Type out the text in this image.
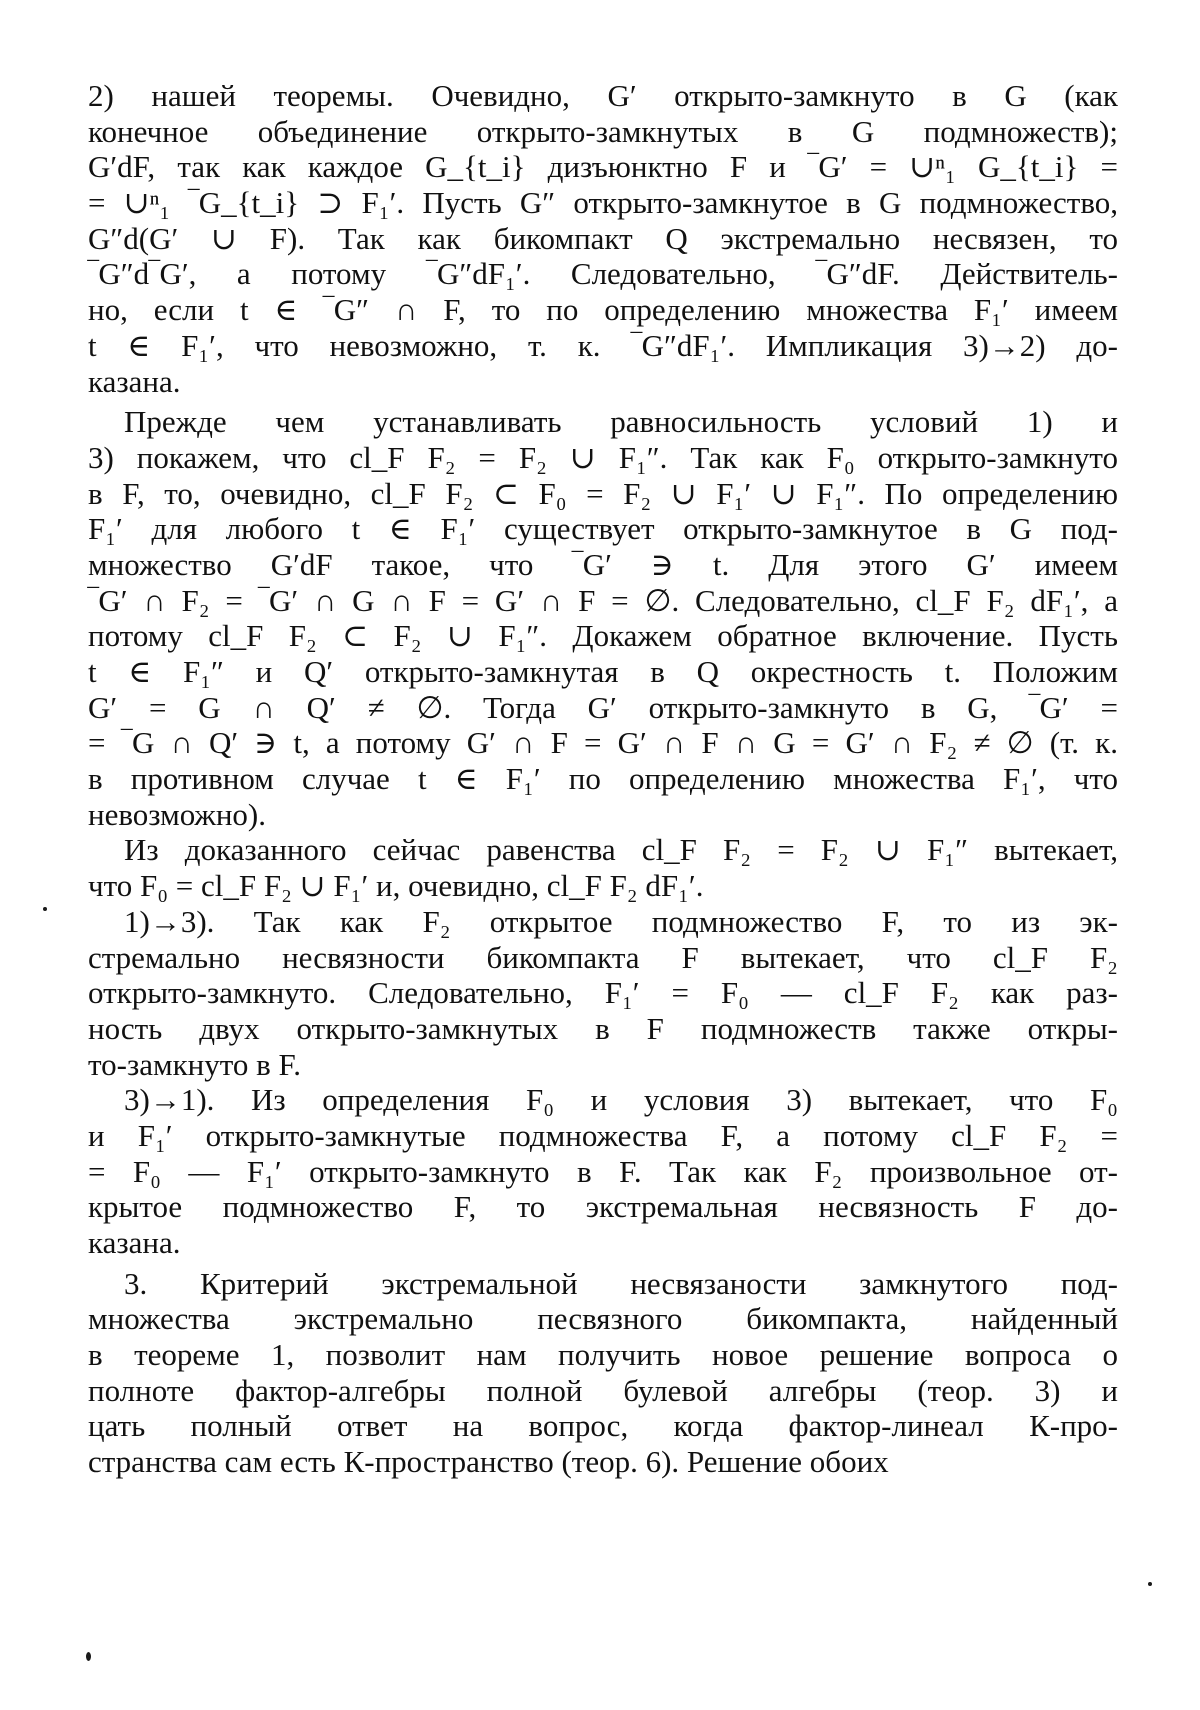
2) нашей теоремы. Очевидно, G′ открыто-замкнуто в G (как
конечное объединение открыто-замкнутых в G подмножеств);
G′dF, так как каждое G_{t_i} дизъюнктно F и ‾G′ = ∪ⁿ₁ G_{t_i} =
= ∪ⁿ₁ ‾G_{t_i} ⊃ F₁′. Пусть G″ открыто-замкнутое в G подмножество,
G″d(G′ ∪ F). Так как бикомпакт Q экстремально несвязен, то
‾G″d‾G′, а потому ‾G″dF₁′. Следовательно, ‾G″dF. Действитель-
но, если t ∈ ‾G″ ∩ F, то по определению множества F₁′ имеем
t ∈ F₁′, что невозможно, т. к. ‾G″dF₁′. Импликация 3)→2) до-
казана.
Прежде чем устанавливать равносильность условий 1) и
3) покажем, что cl_F F₂ = F₂ ∪ F₁″. Так как F₀ открыто-замкнуто
в F, то, очевидно, cl_F F₂ ⊂ F₀ = F₂ ∪ F₁′ ∪ F₁″. По определению
F₁′ для любого t ∈ F₁′ существует открыто-замкнутое в G под-
множество G′dF такое, что ‾G′ ∋ t. Для этого G′ имеем
‾G′ ∩ F₂ = ‾G′ ∩ G ∩ F = G′ ∩ F = ∅. Следовательно, cl_F F₂ dF₁′, а
потому cl_F F₂ ⊂ F₂ ∪ F₁″. Докажем обратное включение. Пусть
t ∈ F₁″ и Q′ открыто-замкнутая в Q окрестность t. Положим
G′ = G ∩ Q′ ≠ ∅. Тогда G′ открыто-замкнуто в G, ‾G′ =
= ‾G ∩ Q′ ∋ t, а потому G′ ∩ F = G′ ∩ F ∩ G = G′ ∩ F₂ ≠ ∅ (т. к.
в противном случае t ∈ F₁′ по определению множества F₁′, что
невозможно).
Из доказанного сейчас равенства cl_F F₂ = F₂ ∪ F₁″ вытекает,
что F₀ = cl_F F₂ ∪ F₁′ и, очевидно, cl_F F₂ dF₁′.
1)→3). Так как F₂ открытое подмножество F, то из эк-
стремально несвязности бикомпакта F вытекает, что cl_F F₂
открыто-замкнуто. Следовательно, F₁′ = F₀ — cl_F F₂ как раз-
ность двух открыто-замкнутых в F подмножеств также откры-
то-замкнуто в F.
3)→1). Из определения F₀ и условия 3) вытекает, что F₀
и F₁′ открыто-замкнутые подмножества F, а потому cl_F F₂ =
= F₀ — F₁′ открыто-замкнуто в F. Так как F₂ произвольное от-
крытое подмножество F, то экстремальная несвязность F до-
казана.
3. Критерий экстремальной несвязаности замкнутого под-
множества экстремально песвязного бикомпакта, найденный
в теореме 1, позволит нам получить новое решение вопроса о
полноте фактор-алгебры полной булевой алгебры (теор. 3) и
цать полный ответ на вопрос, когда фактор-линеал К-про-
странства сам есть К-пространство (теор. 6). Решение обоих
